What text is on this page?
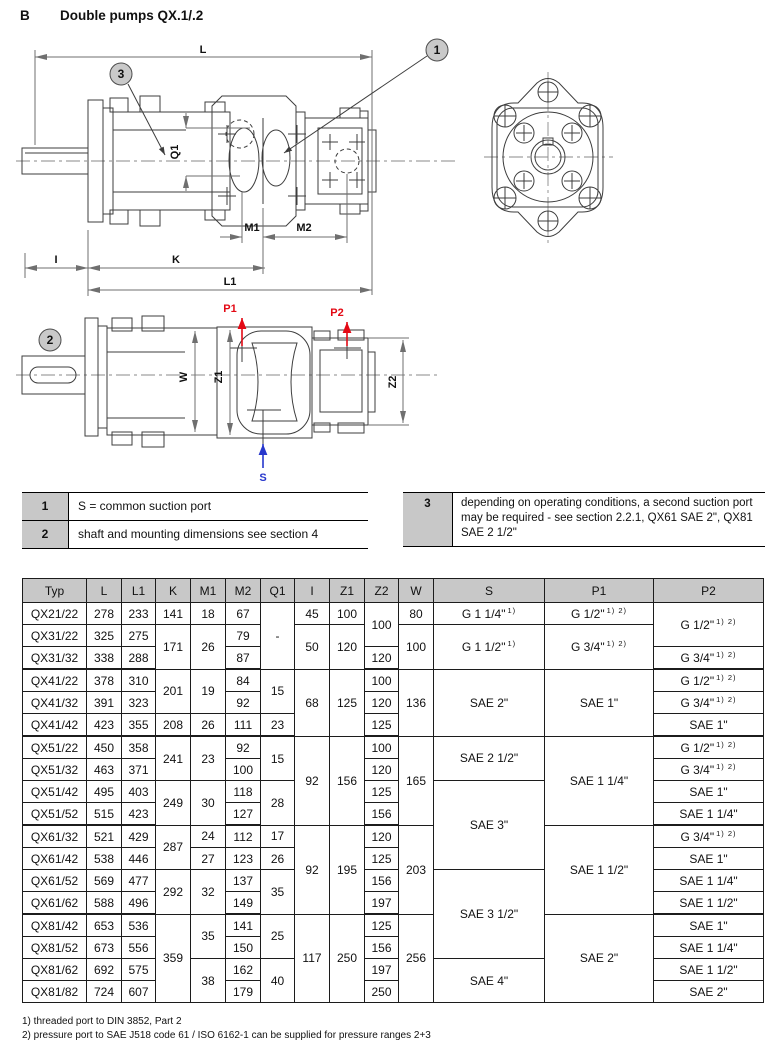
B Double pumps QX.1/.2
L
I	K
L1
M1	M2
Q1
3
1
W Z1	Z2
P1	P2
S
2
1	S = common suction port
2	shaft and mounting dimensions see section 4
3	depending on operating conditions, a second suction port may be required - see section 2.2.1, QX61 SAE 2", QX81 SAE 2 1/2"
Typ	L	L1	K	M1	M2	Q1	I	Z1	Z2	W	S	P1	P2
QX21/22	278	233	141	18	67	-	45	100	100	80	G 1 1/4" $^{1)}$	G 1/2" $^{1) 2)}$	G 1/2" $^{1) 2)}$
QX31/22	325	275	171	26	79		50	120		100	G 1 1/2" $^{1)}$	G 3/4" $^{1) 2)}$
QX31/32	338	288			87				120				G 3/4" $^{1) 2)}$
QX41/22	378	310	201	19	84	15	68	125	100	136	SAE 2"	SAE 1"	G 1/2" $^{1) 2)}$
QX41/32	391	323			92				120				G 3/4" $^{1) 2)}$
QX41/42	423	355	208	26	111	23			125				SAE 1"
QX51/22	450	358	241	23	92	15	92	156	100	165	SAE 2 1/2"	SAE 1 1/4"	G 1/2" $^{1) 2)}$
QX51/32	463	371			100				120				G 3/4" $^{1) 2)}$
QX51/42	495	403	249	30	118	28			125		SAE 3"		SAE 1"
QX51/52	515	423			127				156				SAE 1 1/4"
QX61/32	521	429	287	24	112	17	92	195	120	203		SAE 1 1/2"	G 3/4" $^{1) 2)}$
QX61/42	538	446		27	123	26			125				SAE 1"
QX61/52	569	477	292	32	137	35			156		SAE 3 1/2"		SAE 1 1/4"
QX61/62	588	496			149				197				SAE 1 1/2"
QX81/42	653	536	359	35	141	25	117	250	125	256		SAE 2"	SAE 1"
QX81/52	673	556			150				156				SAE 1 1/4"
QX81/62	692	575		38	162	40			197		SAE 4"		SAE 1 1/2"
QX81/82	724	607			179				250				SAE 2"
1) threaded port to DIN 3852, Part 2
2) pressure port to SAE J518 code 61 / ISO 6162-1 can be supplied for pressure ranges 2+3
